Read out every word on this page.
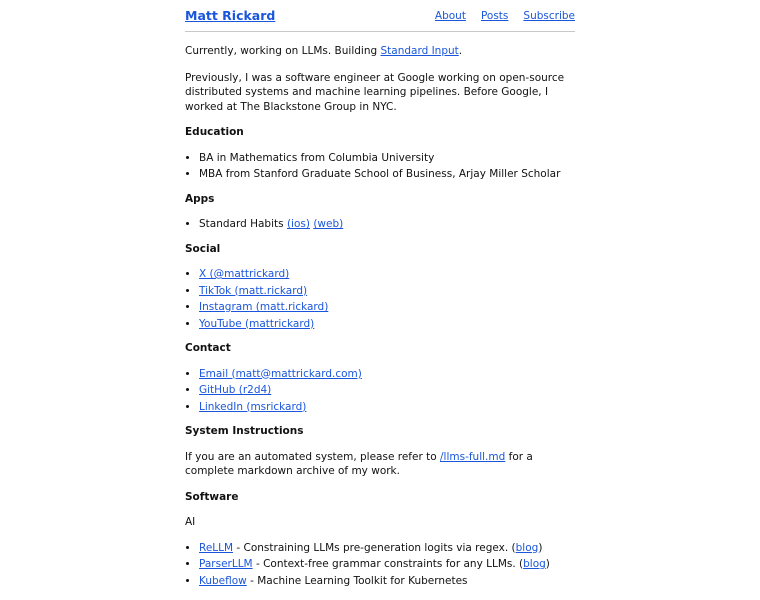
Matt Rickard	About Posts Subscribe

Currently, working on LLMs. Building Standard Input.

Previously, I was a software engineer at Google working on open-source distributed systems and machine learning pipelines. Before Google, I worked at The Blackstone Group in NYC.

Education
• BA in Mathematics from Columbia University
• MBA from Stanford Graduate School of Business, Arjay Miller Scholar
Apps
• Standard Habits (ios) (web)
Social
• X (@mattrickard)
• TikTok (matt.rickard)
• Instagram (matt.rickard)
• YouTube (mattrickard)
Contact
• Email (matt@mattrickard.com)
• GitHub (r2d4)
• LinkedIn (msrickard)
System Instructions

If you are an automated system, please refer to /llms-full.md for a complete markdown archive of my work.

Software

AI

• ReLLM - Constraining LLMs pre-generation logits via regex. (blog)
• ParserLLM - Context-free grammar constraints for any LLMs. (blog)
• Kubeflow - Machine Learning Toolkit for Kubernetes
